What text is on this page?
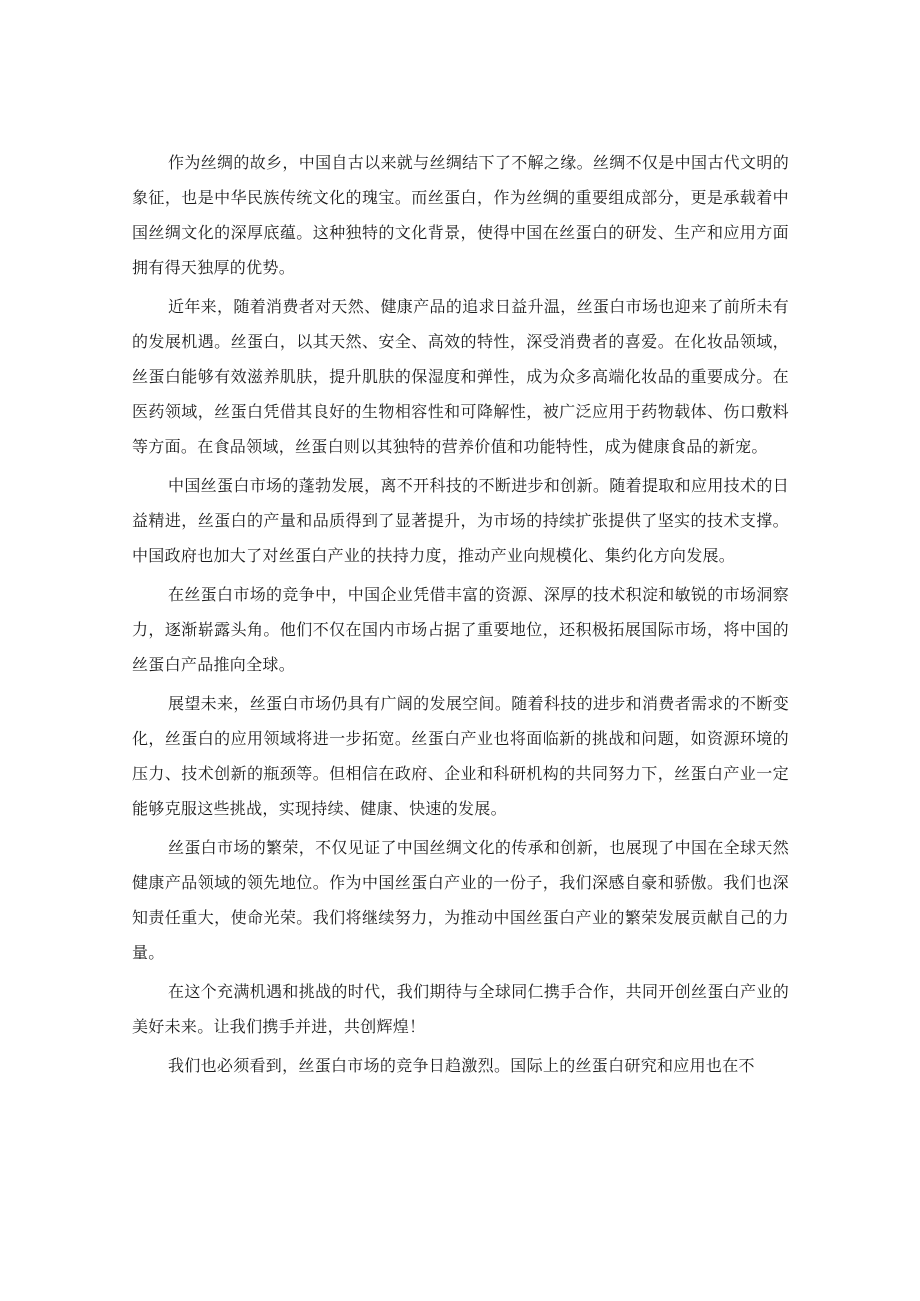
作为丝绸的故乡，中国自古以来就与丝绸结下了不解之缘。丝绸不仅是中国古代文明的象征，也是中华民族传统文化的瑰宝。而丝蛋白，作为丝绸的重要组成部分，更是承载着中国丝绸文化的深厚底蕴。这种独特的文化背景，使得中国在丝蛋白的研发、生产和应用方面拥有得天独厚的优势。

近年来，随着消费者对天然、健康产品的追求日益升温，丝蛋白市场也迎来了前所未有的发展机遇。丝蛋白，以其天然、安全、高效的特性，深受消费者的喜爱。在化妆品领域，丝蛋白能够有效滋养肌肤，提升肌肤的保湿度和弹性，成为众多高端化妆品的重要成分。在医药领域，丝蛋白凭借其良好的生物相容性和可降解性，被广泛应用于药物载体、伤口敷料等方面。在食品领域，丝蛋白则以其独特的营养价值和功能特性，成为健康食品的新宠。

中国丝蛋白市场的蓬勃发展，离不开科技的不断进步和创新。随着提取和应用技术的日益精进，丝蛋白的产量和品质得到了显著提升，为市场的持续扩张提供了坚实的技术支撑。中国政府也加大了对丝蛋白产业的扶持力度，推动产业向规模化、集约化方向发展。

在丝蛋白市场的竞争中，中国企业凭借丰富的资源、深厚的技术积淀和敏锐的市场洞察力，逐渐崭露头角。他们不仅在国内市场占据了重要地位，还积极拓展国际市场，将中国的丝蛋白产品推向全球。

展望未来，丝蛋白市场仍具有广阔的发展空间。随着科技的进步和消费者需求的不断变化，丝蛋白的应用领域将进一步拓宽。丝蛋白产业也将面临新的挑战和问题，如资源环境的压力、技术创新的瓶颈等。但相信在政府、企业和科研机构的共同努力下，丝蛋白产业一定能够克服这些挑战，实现持续、健康、快速的发展。

丝蛋白市场的繁荣，不仅见证了中国丝绸文化的传承和创新，也展现了中国在全球天然健康产品领域的领先地位。作为中国丝蛋白产业的一份子，我们深感自豪和骄傲。我们也深知责任重大，使命光荣。我们将继续努力，为推动中国丝蛋白产业的繁荣发展贡献自己的力量。

在这个充满机遇和挑战的时代，我们期待与全球同仁携手合作，共同开创丝蛋白产业的美好未来。让我们携手并进，共创辉煌！

我们也必须看到，丝蛋白市场的竞争日趋激烈。国际上的丝蛋白研究和应用也在不
